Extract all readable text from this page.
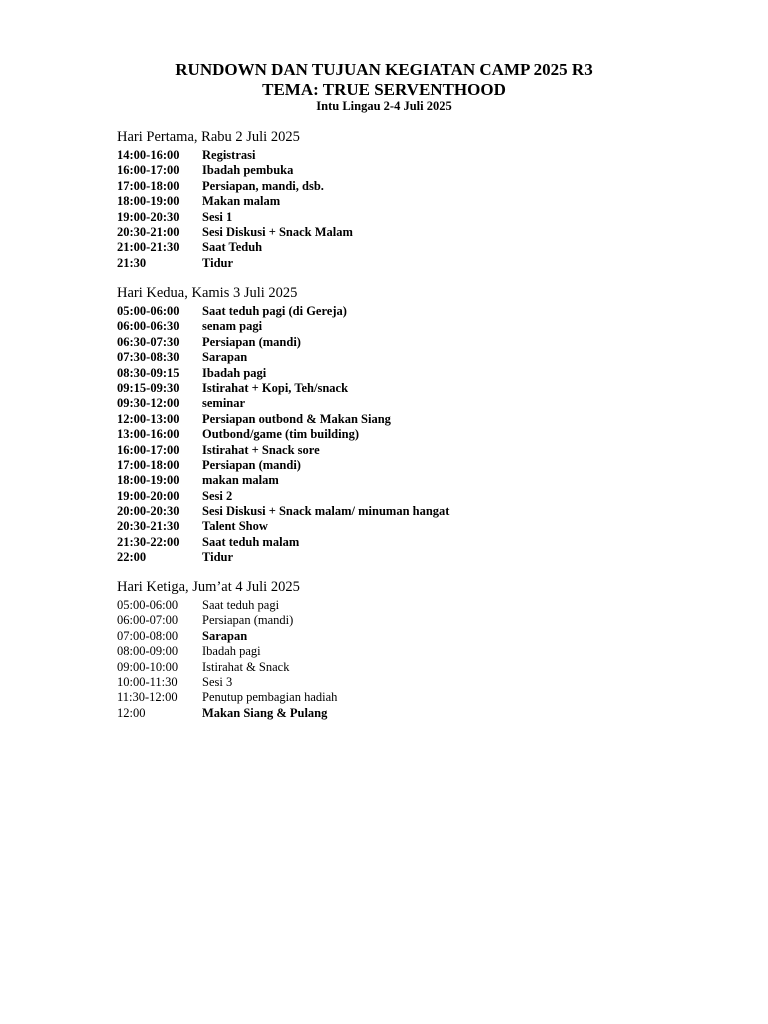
RUNDOWN DAN TUJUAN KEGIATAN CAMP 2025 R3
TEMA: TRUE SERVENTHOOD
Intu Lingau 2-4 Juli 2025
Hari Pertama, Rabu 2 Juli 2025
14:00-16:00	Registrasi
16:00-17:00	Ibadah pembuka
17:00-18:00	Persiapan, mandi, dsb.
18:00-19:00	Makan malam
19:00-20:30	Sesi 1
20:30-21:00	Sesi Diskusi + Snack Malam
21:00-21:30	Saat Teduh
21:30	Tidur
Hari Kedua, Kamis 3 Juli 2025
05:00-06:00	Saat teduh pagi (di Gereja)
06:00-06:30	senam pagi
06:30-07:30	Persiapan (mandi)
07:30-08:30	Sarapan
08:30-09:15	Ibadah pagi
09:15-09:30	Istirahat + Kopi, Teh/snack
09:30-12:00	seminar
12:00-13:00	Persiapan outbond & Makan Siang
13:00-16:00	Outbond/game (tim building)
16:00-17:00	Istirahat + Snack sore
17:00-18:00	Persiapan (mandi)
18:00-19:00	makan malam
19:00-20:00	Sesi 2
20:00-20:30	Sesi Diskusi + Snack malam/ minuman hangat
20:30-21:30	Talent Show
21:30-22:00	Saat teduh malam
22:00	Tidur
Hari Ketiga, Jum’at 4 Juli 2025
05:00-06:00	Saat teduh pagi
06:00-07:00	Persiapan (mandi)
07:00-08:00	Sarapan
08:00-09:00	Ibadah pagi
09:00-10:00	Istirahat & Snack
10:00-11:30	Sesi 3
11:30-12:00	Penutup pembagian hadiah
12:00	Makan Siang & Pulang
